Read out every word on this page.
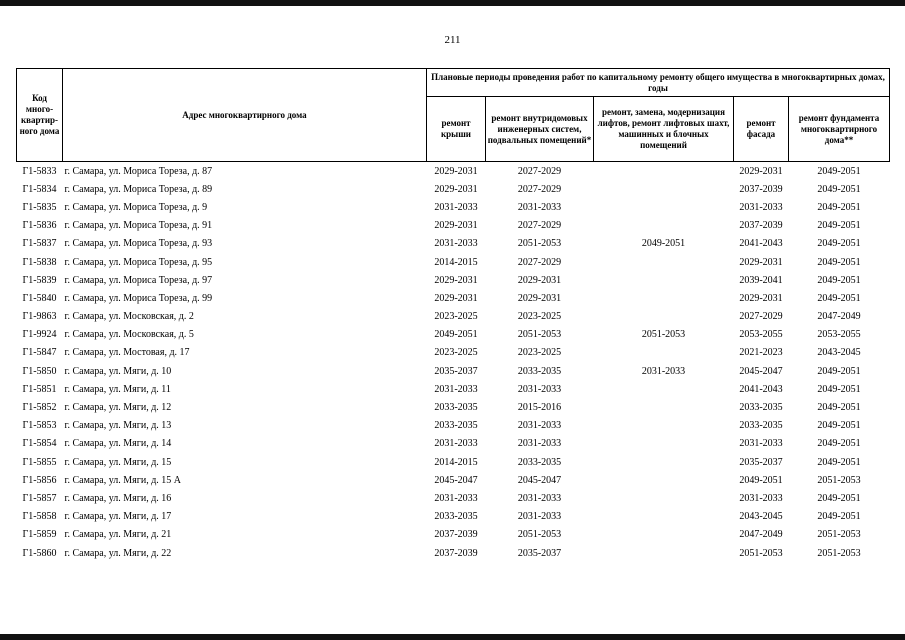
211
Код много-квартир-ного дома	Адрес многоквартирного дома	Плановые периоды проведения работ по капитальному ремонту общего имущества в многоквартирных домах, годы				
		ремонт крыши	ремонт внутридомовых инженерных систем, подвальных помещений*	ремонт, замена, модернизация лифтов, ремонт лифтовых шахт, машинных и блочных помещений	ремонт фасада	ремонт фундамента многоквартирного дома**
Г1-5833	г. Самара, ул. Мориса Тореза, д. 87	2029-2031	2027-2029		2029-2031	2049-2051
Г1-5834	г. Самара, ул. Мориса Тореза, д. 89	2029-2031	2027-2029		2037-2039	2049-2051
Г1-5835	г. Самара, ул. Мориса Тореза, д. 9	2031-2033	2031-2033		2031-2033	2049-2051
Г1-5836	г. Самара, ул. Мориса Тореза, д. 91	2029-2031	2027-2029		2037-2039	2049-2051
Г1-5837	г. Самара, ул. Мориса Тореза, д. 93	2031-2033	2051-2053	2049-2051	2041-2043	2049-2051
Г1-5838	г. Самара, ул. Мориса Тореза, д. 95	2014-2015	2027-2029		2029-2031	2049-2051
Г1-5839	г. Самара, ул. Мориса Тореза, д. 97	2029-2031	2029-2031		2039-2041	2049-2051
Г1-5840	г. Самара, ул. Мориса Тореза, д. 99	2029-2031	2029-2031		2029-2031	2049-2051
Г1-9863	г. Самара, ул. Московская, д. 2	2023-2025	2023-2025		2027-2029	2047-2049
Г1-9924	г. Самара, ул. Московская, д. 5	2049-2051	2051-2053	2051-2053	2053-2055	2053-2055
Г1-5847	г. Самара, ул. Мостовая, д. 17	2023-2025	2023-2025		2021-2023	2043-2045
Г1-5850	г. Самара, ул. Мяги, д. 10	2035-2037	2033-2035	2031-2033	2045-2047	2049-2051
Г1-5851	г. Самара, ул. Мяги, д. 11	2031-2033	2031-2033		2041-2043	2049-2051
Г1-5852	г. Самара, ул. Мяги, д. 12	2033-2035	2015-2016		2033-2035	2049-2051
Г1-5853	г. Самара, ул. Мяги, д. 13	2033-2035	2031-2033		2033-2035	2049-2051
Г1-5854	г. Самара, ул. Мяги, д. 14	2031-2033	2031-2033		2031-2033	2049-2051
Г1-5855	г. Самара, ул. Мяги, д. 15	2014-2015	2033-2035		2035-2037	2049-2051
Г1-5856	г. Самара, ул. Мяги, д. 15 А	2045-2047	2045-2047		2049-2051	2051-2053
Г1-5857	г. Самара, ул. Мяги, д. 16	2031-2033	2031-2033		2031-2033	2049-2051
Г1-5858	г. Самара, ул. Мяги, д. 17	2033-2035	2031-2033		2043-2045	2049-2051
Г1-5859	г. Самара, ул. Мяги, д. 21	2037-2039	2051-2053		2047-2049	2051-2053
Г1-5860	г. Самара, ул. Мяги, д. 22	2037-2039	2035-2037		2051-2053	2051-2053
